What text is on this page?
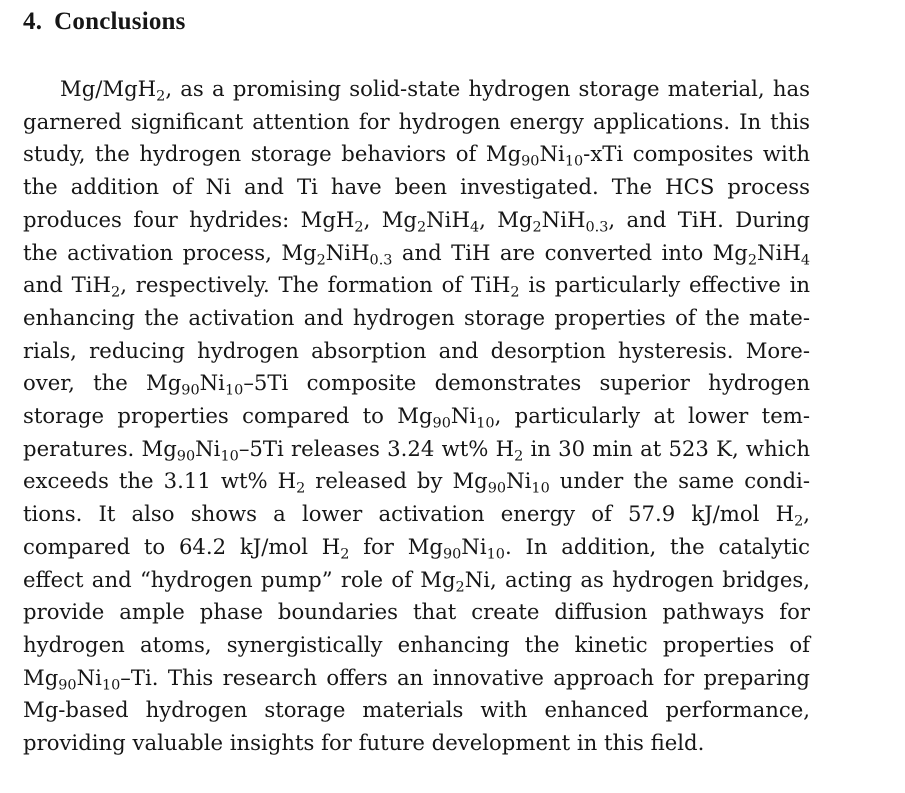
4. Conclusions
Mg/MgH$_2$, as a promising solid-state hydrogen storage material, has
garnered significant attention for hydrogen energy applications. In this
study, the hydrogen storage behaviors of $Mg_{90}Ni_{10}$-xTi composites with
the addition of Ni and Ti have been investigated. The HCS process
produces four hydrides: MgH$_2$, $Mg_2NiH_4$, $Mg_2NiH_{0.3}$, and TiH. During
the activation process, $Mg_2NiH_{0.3}$ and TiH are converted into $Mg_2NiH_4$
and TiH$_2$, respectively. The formation of TiH$_2$ is particularly effective in
enhancing the activation and hydrogen storage properties of the mate-
rials, reducing hydrogen absorption and desorption hysteresis. More-
over, the $Mg_{90}Ni_{10}-5Ti$ composite demonstrates superior hydrogen
storage properties compared to $Mg_{90}Ni_{10}$, particularly at lower tem-
peratures. $Mg_{90}Ni_{10}-5Ti$ releases 3.24 wt% $H_2$ in 30 min at 523 K, which
exceeds the 3.11 wt% $H_2$ released by $Mg_{90}Ni_{10}$ under the same condi-
tions. It also shows a lower activation energy of 57.9 kJ/mol $H_2$,
compared to 64.2 kJ/mol $H_2$ for $Mg_{90}Ni_{10}$. In addition, the catalytic
effect and “hydrogen pump” role of $Mg_2Ni$, acting as hydrogen bridges,
provide ample phase boundaries that create diffusion pathways for
hydrogen atoms, synergistically enhancing the kinetic properties of
$Mg_{90}Ni_{10}-Ti$. This research offers an innovative approach for preparing
Mg-based hydrogen storage materials with enhanced performance,
providing valuable insights for future development in this field.
